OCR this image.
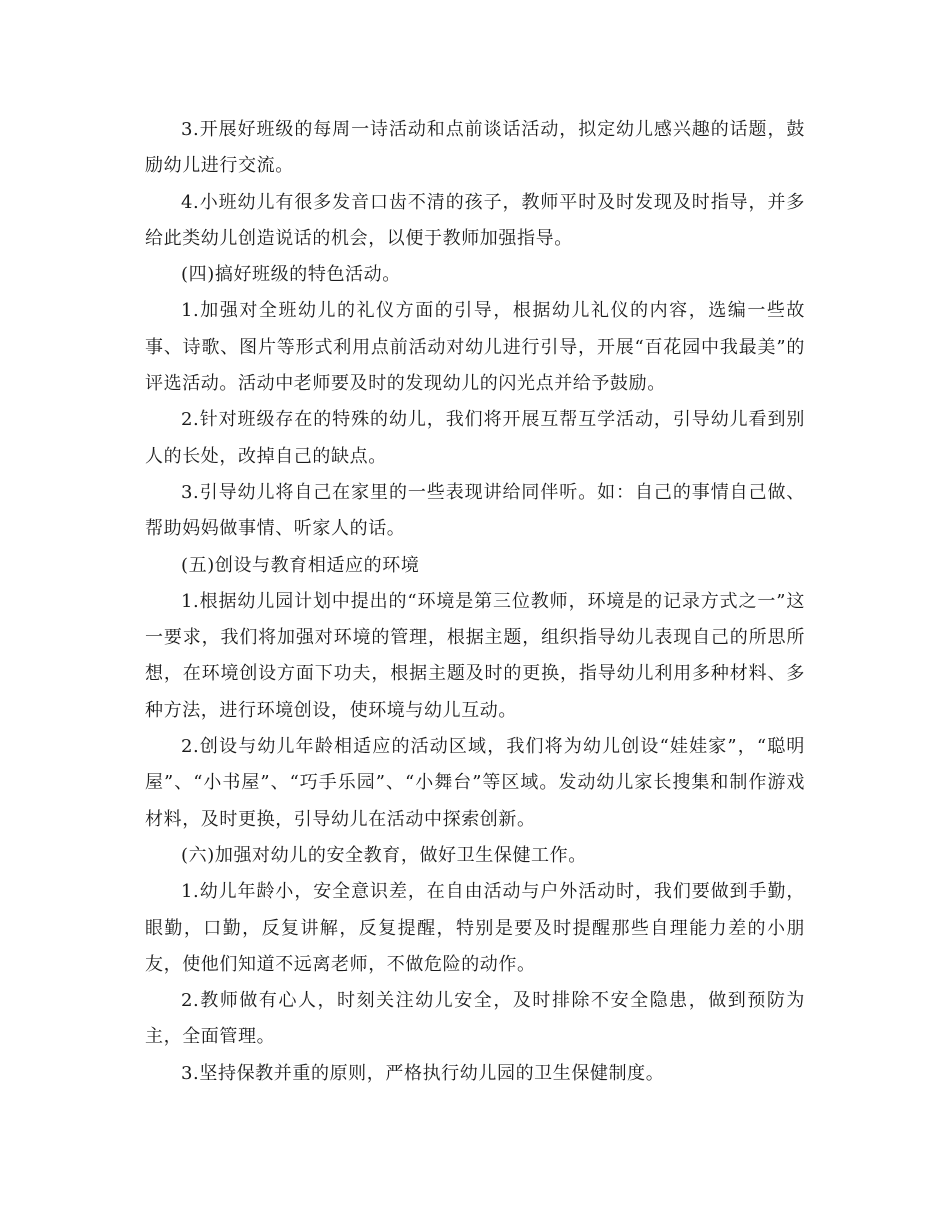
3.开展好班级的每周一诗活动和点前谈话活动，拟定幼儿感兴趣的话题，鼓励幼儿进行交流。

4.小班幼儿有很多发音口齿不清的孩子，教师平时及时发现及时指导，并多给此类幼儿创造说话的机会，以便于教师加强指导。

(四)搞好班级的特色活动。

1.加强对全班幼儿的礼仪方面的引导，根据幼儿礼仪的内容，选编一些故事、诗歌、图片等形式利用点前活动对幼儿进行引导，开展“百花园中我最美”的评选活动。活动中老师要及时的发现幼儿的闪光点并给予鼓励。

2.针对班级存在的特殊的幼儿，我们将开展互帮互学活动，引导幼儿看到别人的长处，改掉自己的缺点。

3.引导幼儿将自己在家里的一些表现讲给同伴听。如：自己的事情自己做、帮助妈妈做事情、听家人的话。

(五)创设与教育相适应的环境

1.根据幼儿园计划中提出的“环境是第三位教师，环境是的记录方式之一”这一要求，我们将加强对环境的管理，根据主题，组织指导幼儿表现自己的所思所想，在环境创设方面下功夫，根据主题及时的更换，指导幼儿利用多种材料、多种方法，进行环境创设，使环境与幼儿互动。

2.创设与幼儿年龄相适应的活动区域，我们将为幼儿创设“娃娃家”，“聪明屋”、“小书屋”、“巧手乐园”、“小舞台”等区域。发动幼儿家长搜集和制作游戏材料，及时更换，引导幼儿在活动中探索创新。

(六)加强对幼儿的安全教育，做好卫生保健工作。

1.幼儿年龄小，安全意识差，在自由活动与户外活动时，我们要做到手勤，眼勤，口勤，反复讲解，反复提醒，特别是要及时提醒那些自理能力差的小朋友，使他们知道不远离老师，不做危险的动作。

2.教师做有心人，时刻关注幼儿安全，及时排除不安全隐患，做到预防为主，全面管理。

3.坚持保教并重的原则，严格执行幼儿园的卫生保健制度。
